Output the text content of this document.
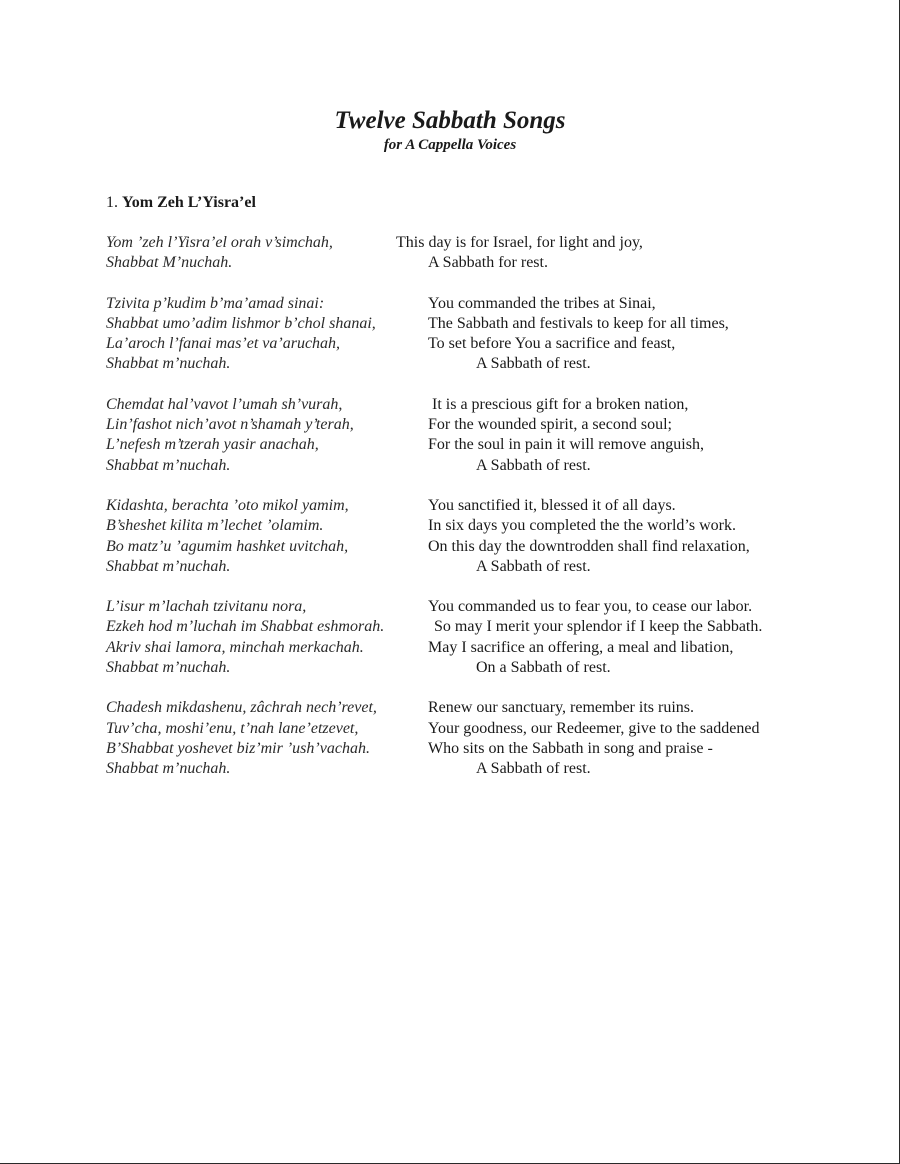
Twelve Sabbath Songs

for A Cappella Voices

1. Yom Zeh L’Yisra’el
Yom ’zeh l’Yisra’el orah v’simchah,	This day is for Israel, for light and joy,
Shabbat M’nuchah.	A Sabbath for rest.
Tzivita p’kudim b’ma’amad sinai:	You commanded the tribes at Sinai,
Shabbat umo’adim lishmor b’chol shanai,	The Sabbath and festivals to keep for all times,
La’aroch l’fanai mas’et va’aruchah,	To set before You a sacrifice and feast,
Shabbat m’nuchah.	A Sabbath of rest.
Chemdat hal’vavot l’umah sh’vurah,	It is a prescious gift for a broken nation,
Lin’fashot nich’avot n’shamah y’terah,	For the wounded spirit, a second soul;
L’nefesh m’tzerah yasir anachah,	For the soul in pain it will remove anguish,
Shabbat m’nuchah.	A Sabbath of rest.
Kidashta, berachta ’oto mikol yamim,	You sanctified it, blessed it of all days.
B’sheshet kilita m’lechet ’olamim.	In six days you completed the the world’s work.
Bo matz’u ’agumim hashket uvitchah,	On this day the downtrodden shall find relaxation,
Shabbat m’nuchah.	A Sabbath of rest.
L’isur m’lachah tzivitanu nora,	You commanded us to fear you, to cease our labor.
Ezkeh hod m’luchah im Shabbat eshmorah.	So may I merit your splendor if I keep the Sabbath.
Akriv shai lamora, minchah merkachah.	May I sacrifice an offering, a meal and libation,
Shabbat m’nuchah.	On a Sabbath of rest.
Chadesh mikdashenu, zâchrah nech’revet,	Renew our sanctuary, remember its ruins.
Tuv’cha, moshi’enu, t’nah lane’etzevet,	Your goodness, our Redeemer, give to the saddened
B’Shabbat yoshevet biz’mir ’ush’vachah.	Who sits on the Sabbath in song and praise -
Shabbat m’nuchah.	A Sabbath of rest.
